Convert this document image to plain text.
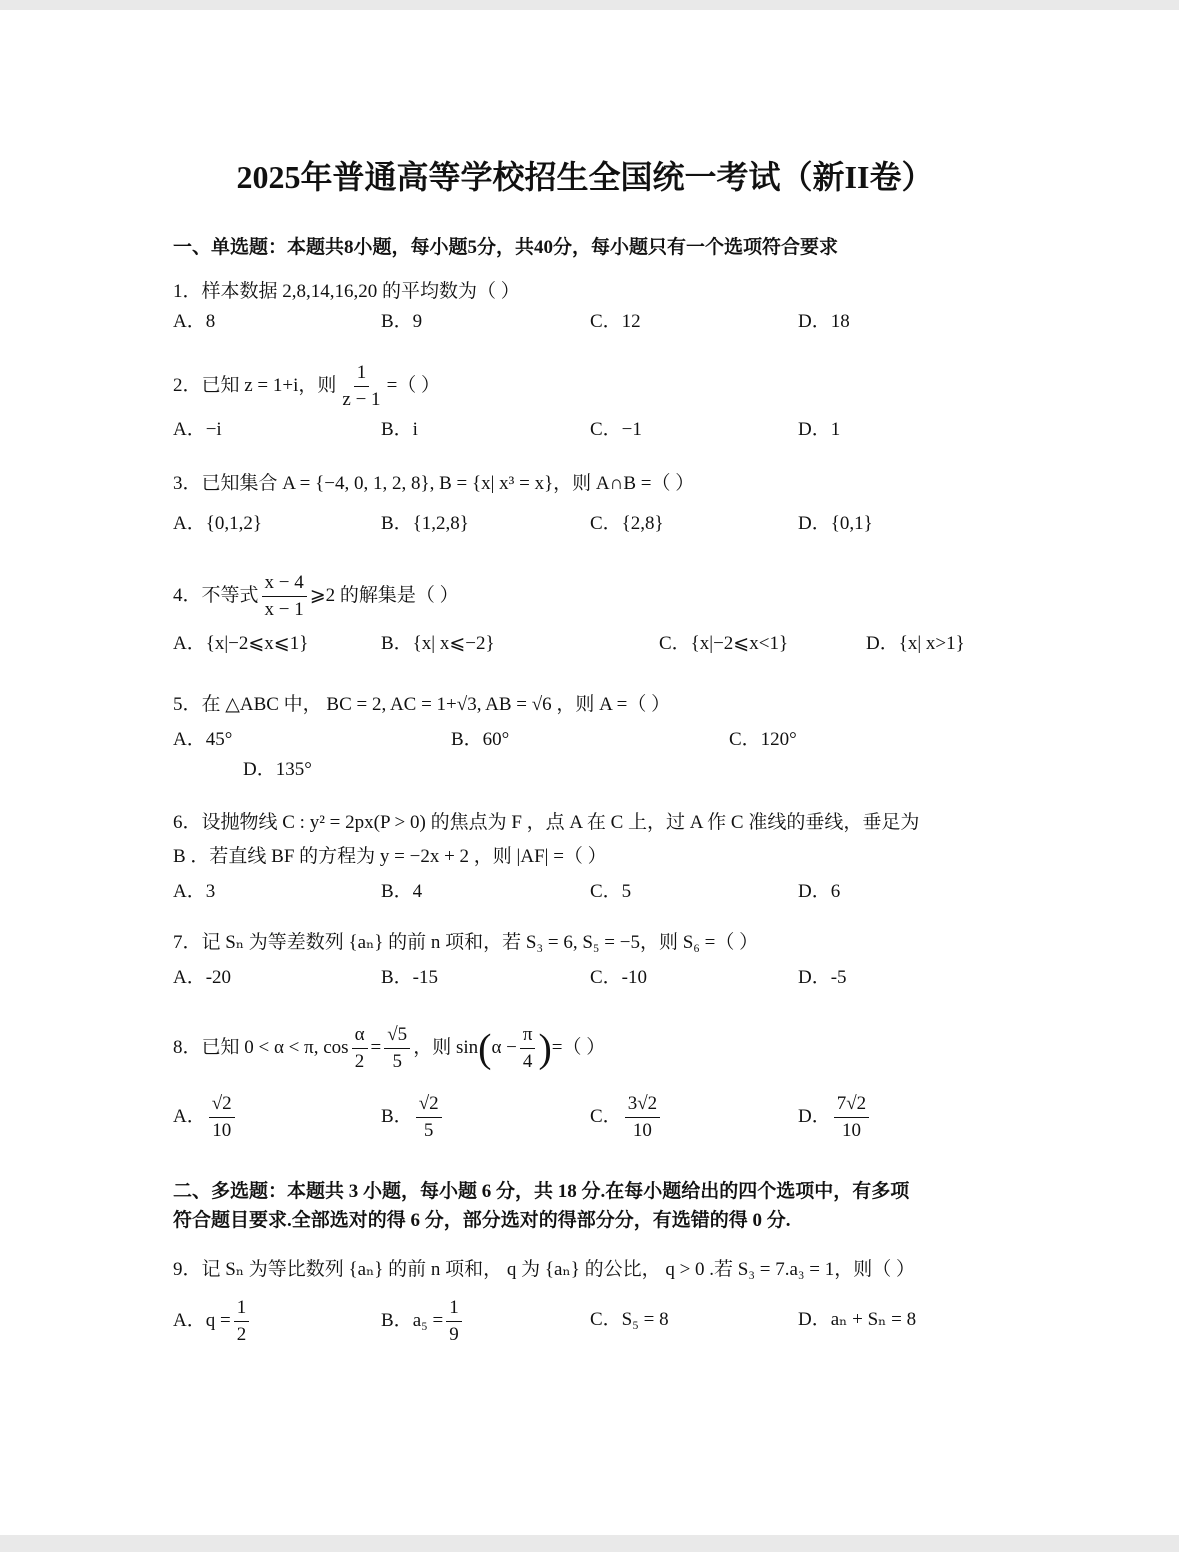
2025年普通高等学校招生全国统一考试（新II卷）
一、单选题：本题共8小题，每小题5分，共40分，每小题只有一个选项符合要求
1．样本数据 2,8,14,16,20 的平均数为（ ）
A．8	B．9	C．12	D．18
2．已知 z = 1+i，则 $\frac{1}{z - 1}$ =（ ）
A．−i	B．i	C．−1	D．1
3．已知集合 A = {−4, 0, 1, 2, 8}, B = {x| x³ = x}，则 A∩B =（ ）
A．{0,1,2}	B．{1,2,8}	C．{2,8}	D．{0,1}
4．不等式 $\frac{x - 4}{x - 1}$ ⩾2 的解集是（ ）
A．{x|−2⩽x⩽1}	B．{x| x⩽−2}	C．{x|−2⩽x<1}	D．{x| x>1}
5．在 △ABC 中， BC = 2, AC = 1+√3, AB = √6 ，则 A =（ ）
A．45°	B．60°	C．120°
D．135°
6．设抛物线 C : y² = 2px(P > 0) 的焦点为 F ，点 A 在 C 上，过 A 作 C 准线的垂线，垂足为
B ．若直线 BF 的方程为 y = −2x + 2 ，则 |AF| =（ ）
A．3	B．4	C．5	D．6
7．记 Sₙ 为等差数列 {aₙ} 的前 n 项和，若 S₃ = 6, S₅ = −5，则 S₆ =（ ）
A．-20	B．-15	C．-10	D．-5
8．已知 0 < α < π, $\cos \frac{\alpha}{2} = \frac{√5}{5}$ ，则 $\sin(\alpha - \frac{\pi}{4}$ )=（ ）
A． $\frac{√2}{10}$	B． $\frac{√2}{5}$	C． $\frac{3√2}{10}$	D． $\frac{7√2}{10}$
二、多选题：本题共 3 小题，每小题 6 分，共 18 分.在每小题给出的四个选项中，有多项
符合题目要求.全部选对的得 6 分，部分选对的得部分分，有选错的得 0 分.
9．记 Sₙ 为等比数列 {aₙ} 的前 n 项和， q 为 {aₙ} 的公比， q > 0 .若 S₃ = 7.a₃ = 1，则（ ）
A．$q = \frac{1}{2}$	B．$a_5 = \frac{1}{9}$	C．S₅ = 8	D．aₙ + Sₙ = 8
